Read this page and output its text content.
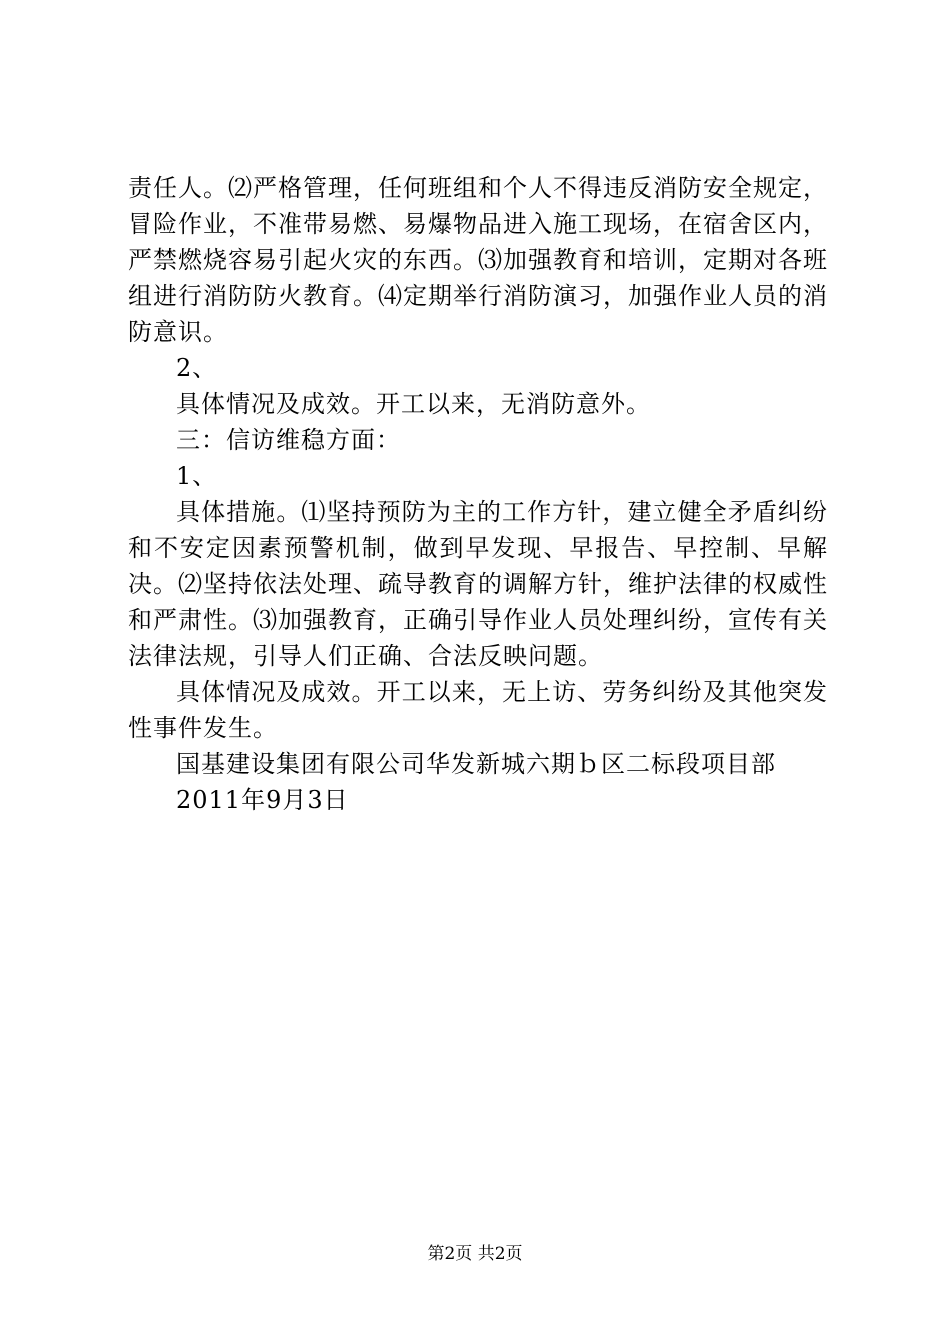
责任人。⑵严格管理，任何班组和个人不得违反消防安全规定，冒险作业，不准带易燃、易爆物品进入施工现场，在宿舍区内，严禁燃烧容易引起火灾的东西。⑶加强教育和培训，定期对各班组进行消防防火教育。⑷定期举行消防演习，加强作业人员的消防意识。

2、

具体情况及成效。开工以来，无消防意外。

三：信访维稳方面：

1、

具体措施。⑴坚持预防为主的工作方针，建立健全矛盾纠纷和不安定因素预警机制，做到早发现、早报告、早控制、早解决。⑵坚持依法处理、疏导教育的调解方针，维护法律的权威性和严肃性。⑶加强教育，正确引导作业人员处理纠纷，宣传有关法律法规，引导人们正确、合法反映问题。

具体情况及成效。开工以来，无上访、劳务纠纷及其他突发性事件发生。

国基建设集团有限公司华发新城六期ｂ区二标段项目部

2011年9月3日

第2页 共2页
